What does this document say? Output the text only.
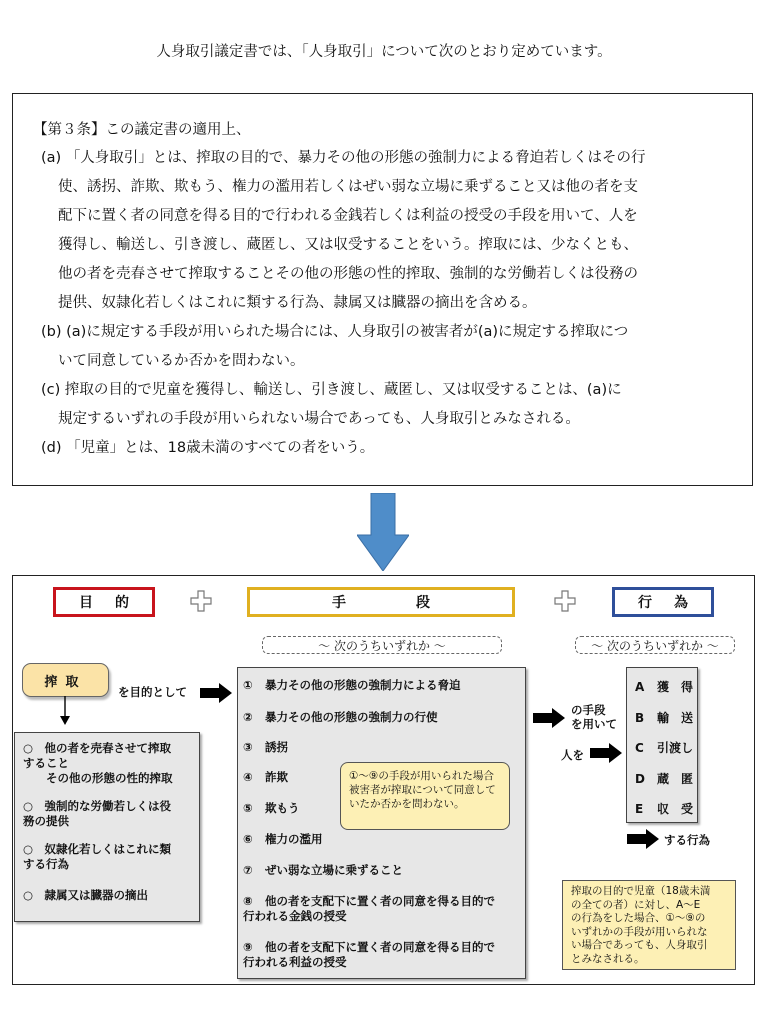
人身取引議定書では、「人身取引」について次のとおり定めています。
【第３条】この議定書の適用上、
(a) 「人身取引」とは、搾取の目的で、暴力その他の形態の強制力による脅迫若しくはその行
使、誘拐、詐欺、欺もう、権力の濫用若しくはぜい弱な立場に乗ずること又は他の者を支
配下に置く者の同意を得る目的で行われる金銭若しくは利益の授受の手段を用いて、人を
獲得し、輸送し、引き渡し、蔵匿し、又は収受することをいう。搾取には、少なくとも、
他の者を売春させて搾取することその他の形態の性的搾取、強制的な労働若しくは役務の
提供、奴隷化若しくはこれに類する行為、隷属又は臓器の摘出を含める。
(b) (a)に規定する手段が用いられた場合には、人身取引の被害者が(a)に規定する搾取につ
いて同意しているか否かを問わない。
(c) 搾取の目的で児童を獲得し、輸送し、引き渡し、蔵匿し、又は収受することは、(a)に
規定するいずれの手段が用いられない場合であっても、人身取引とみなされる。
(d) 「児童」とは、18歳未満のすべての者をいう。
目的	手段	行為
～ 次のうちいずれか ～	～ 次のうちいずれか ～
搾取
を目的として
○　他の者を売春させて搾取
すること
　　その他の形態の性的搾取
○　強制的な労働若しくは役
務の提供
○　奴隷化若しくはこれに類
する行為
○　隷属又は臓器の摘出
① 暴力その他の形態の強制力による脅迫
② 暴力その他の形態の強制力の行使
③ 誘拐
④ 詐欺
⑤ 欺もう
⑥ 権力の濫用
⑦ ぜい弱な立場に乗ずること
⑧ 他の者を支配下に置く者の同意を得る目的で
行われる金銭の授受
⑨ 他の者を支配下に置く者の同意を得る目的で
行われる利益の授受
①～⑨の手段が用いられた場合
被害者が搾取について同意して
いたか否かを問わない。
の手段
を用いて
人を
A 獲　得
B 輸　送
C 引渡し
D 蔵　匿
E 収　受
する行為
搾取の目的で児童（18歳未満
の全ての者）に対し、A～E
の行為をした場合、①～⑨の
いずれかの手段が用いられな
い場合であっても、人身取引
とみなされる。
